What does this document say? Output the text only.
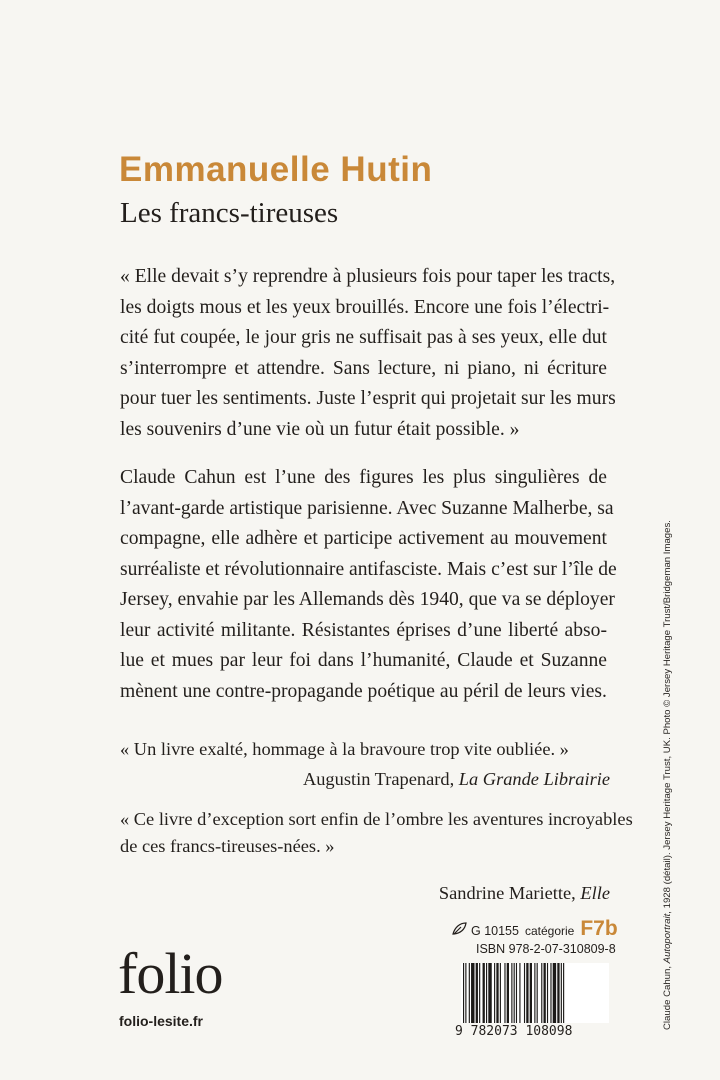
Emmanuelle Hutin
Les francs-tireuses
« Elle devait s’y reprendre à plusieurs fois pour taper les tracts,
les doigts mous et les yeux brouillés. Encore une fois l’électri-
cité fut coupée, le jour gris ne suffisait pas à ses yeux, elle dut
s’interrompre et attendre. Sans lecture, ni piano, ni écriture
pour tuer les sentiments. Juste l’esprit qui projetait sur les murs
les souvenirs d’une vie où un futur était possible. »
Claude Cahun est l’une des figures les plus singulières de
l’avant-garde artistique parisienne. Avec Suzanne Malherbe, sa
compagne, elle adhère et participe activement au mouvement
surréaliste et révolutionnaire antifasciste. Mais c’est sur l’île de
Jersey, envahie par les Allemands dès 1940, que va se déployer
leur activité militante. Résistantes éprises d’une liberté abso-
lue et mues par leur foi dans l’humanité, Claude et Suzanne
mènent une contre-propagande poétique au péril de leurs vies.
« Un livre exalté, hommage à la bravoure trop vite oubliée. »
Augustin Trapenard, La Grande Librairie
« Ce livre d’exception sort enfin de l’ombre les aventures incroyables
de ces francs-tireuses-nées. »
Sandrine Mariette, Elle
folio
folio-lesite.fr
G 10155 catégorie F7b
ISBN 978-2-07-310809-8
9 782073 108098
Claude Cahun, Autoportrait, 1928 (détail). Jersey Heritage Trust, UK. Photo © Jersey Heritage Trust/Bridgeman Images.
